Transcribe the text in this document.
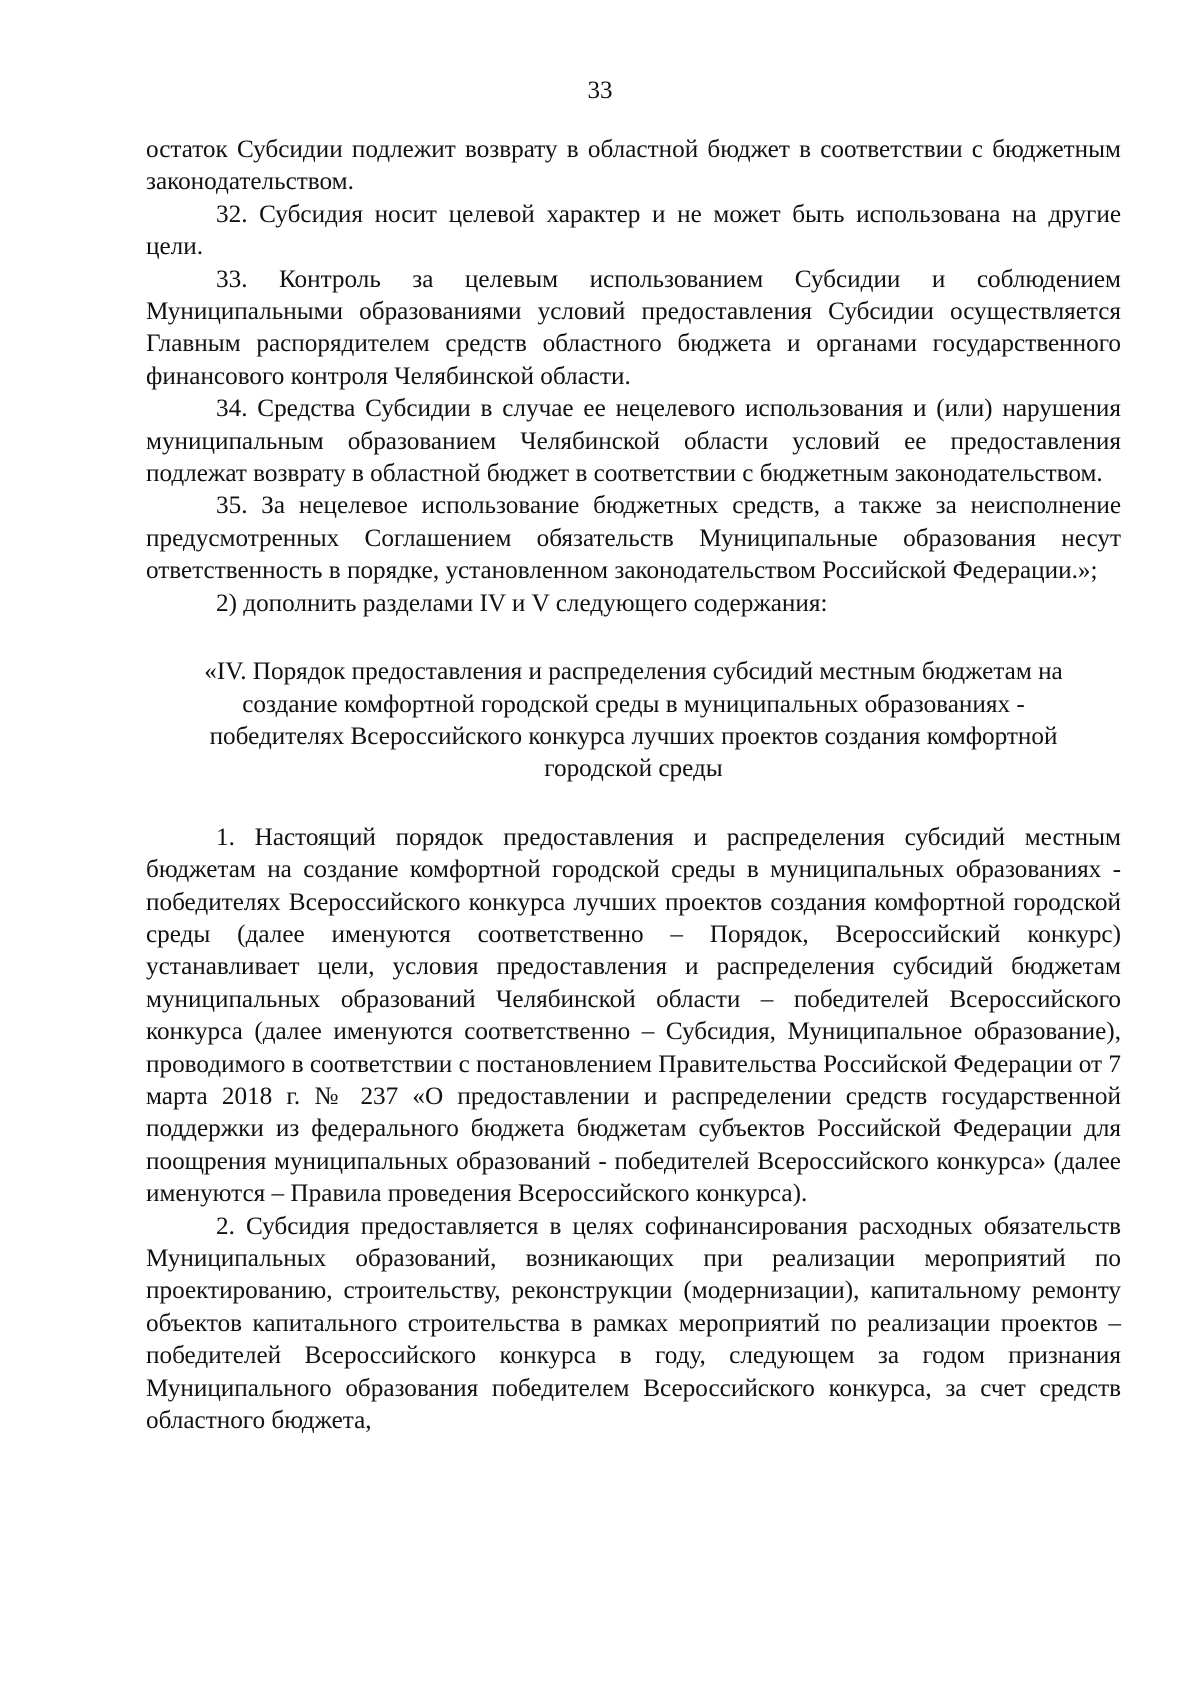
33

остаток Субсидии подлежит возврату в областной бюджет в соответствии с бюджетным законодательством.

32. Субсидия носит целевой характер и не может быть использована на другие цели.

33. Контроль за целевым использованием Субсидии и соблюдением Муниципальными образованиями условий предоставления Субсидии осуществляется Главным распорядителем средств областного бюджета и органами государственного финансового контроля Челябинской области.

34. Средства Субсидии в случае ее нецелевого использования и (или) нарушения муниципальным образованием Челябинской области условий ее предоставления подлежат возврату в областной бюджет в соответствии с бюджетным законодательством.

35. За нецелевое использование бюджетных средств, а также за неисполнение предусмотренных Соглашением обязательств Муниципальные образования несут ответственность в порядке, установленном законодательством Российской Федерации.»;

2) дополнить разделами IV и V следующего содержания:

«IV. Порядок предоставления и распределения субсидий местным бюджетам на создание комфортной городской среды в муниципальных образованиях - победителях Всероссийского конкурса лучших проектов создания комфортной городской среды

1. Настоящий порядок предоставления и распределения субсидий местным бюджетам на создание комфортной городской среды в муниципальных образованиях - победителях Всероссийского конкурса лучших проектов создания комфортной городской среды (далее именуются соответственно – Порядок, Всероссийский конкурс) устанавливает цели, условия предоставления и распределения субсидий бюджетам муниципальных образований Челябинской области – победителей Всероссийского конкурса (далее именуются соответственно – Субсидия, Муниципальное образование), проводимого в соответствии с постановлением Правительства Российской Федерации от 7 марта 2018 г. № 237 «О предоставлении и распределении средств государственной поддержки из федерального бюджета бюджетам субъектов Российской Федерации для поощрения муниципальных образований - победителей Всероссийского конкурса» (далее именуются – Правила проведения Всероссийского конкурса).

2. Субсидия предоставляется в целях софинансирования расходных обязательств Муниципальных образований, возникающих при реализации мероприятий по проектированию, строительству, реконструкции (модернизации), капитальному ремонту объектов капитального строительства в рамках мероприятий по реализации проектов – победителей Всероссийского конкурса в году, следующем за годом признания Муниципального образования победителем Всероссийского конкурса, за счет средств областного бюджета,
